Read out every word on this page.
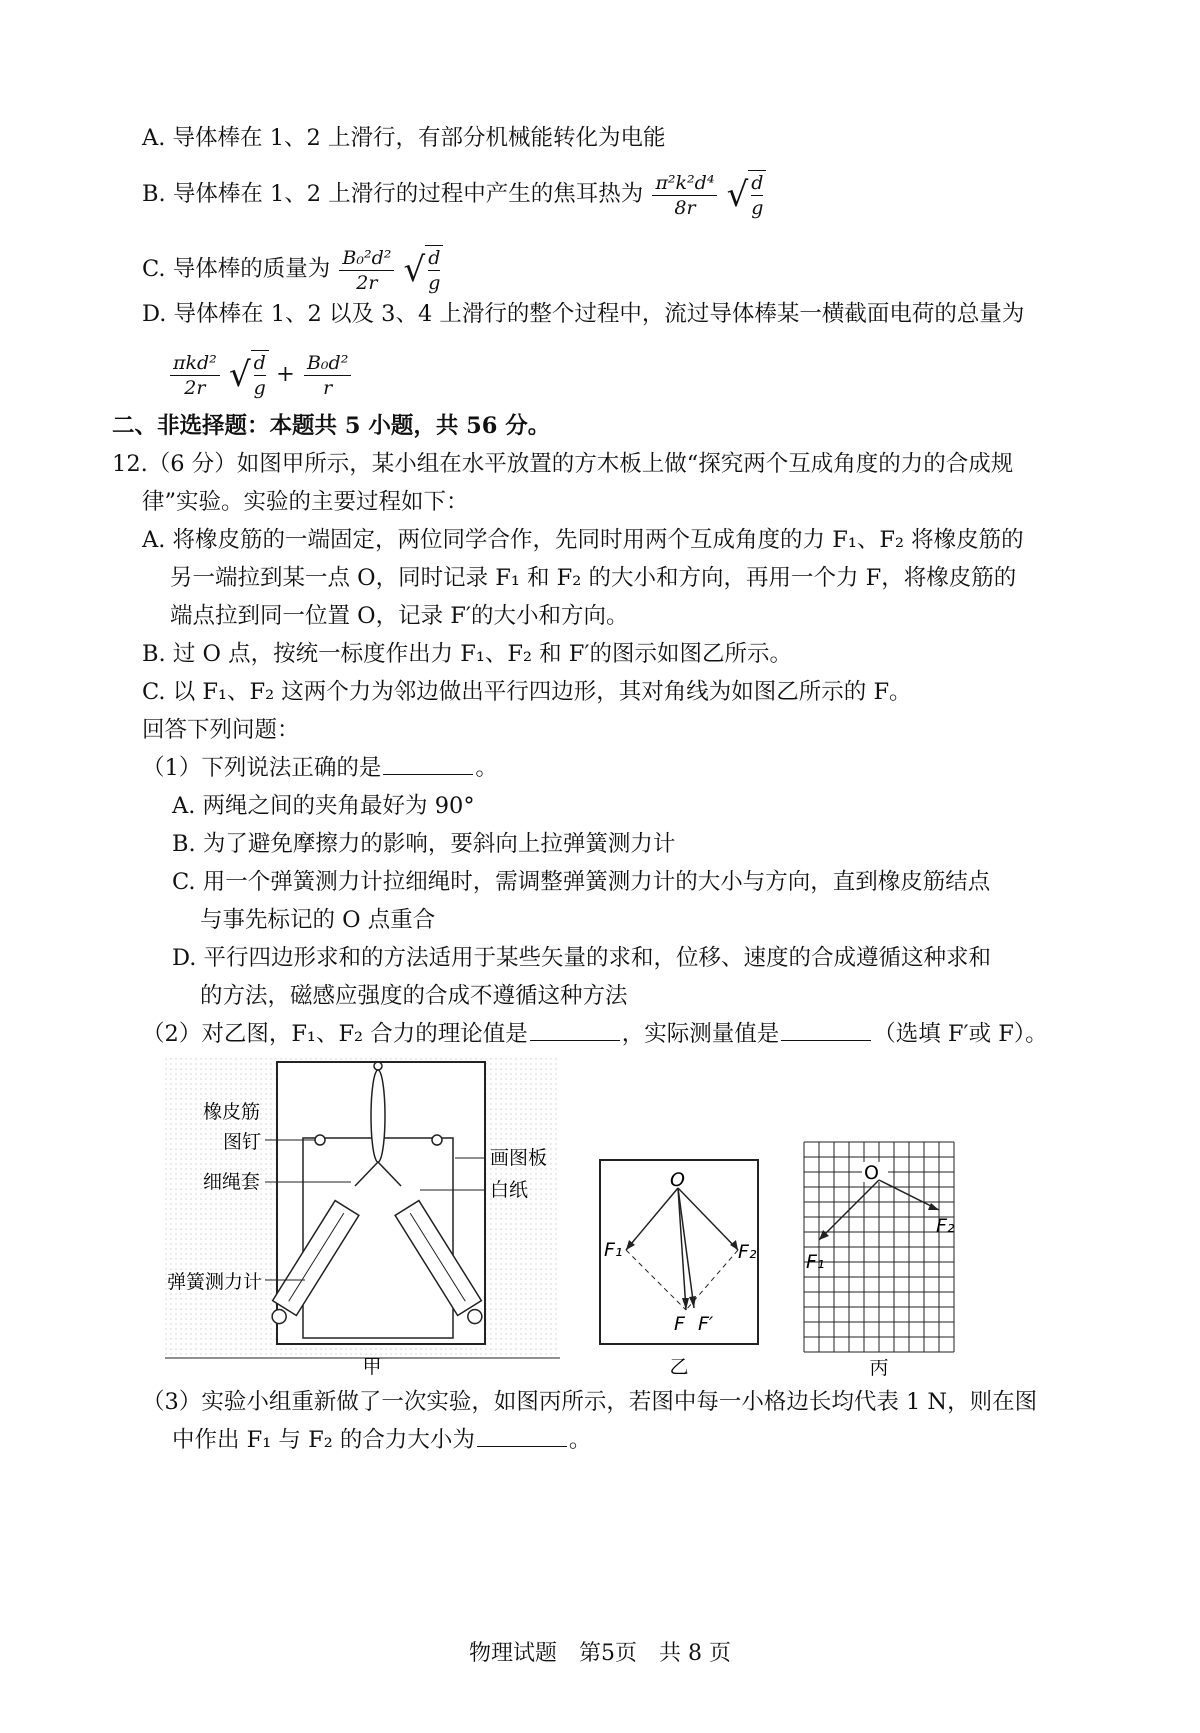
A. 导体棒在 1、2 上滑行，有部分机械能转化为电能
B. 导体棒在 1、2 上滑行的过程中产生的焦耳热为 $\frac{\text{π²k²d⁴}}{8r}$ √ $\frac{d}{g}$
C. 导体棒的质量为 $\frac{\text{B₀²d²}}{2r}$ √ $\frac{d}{g}$
D. 导体棒在 1、2 以及 3、4 上滑行的整个过程中，流过导体棒某一横截面电荷的总量为
$\frac{\text{πkd²}}{2r}$ √ $\frac{d}{g} + \frac{\text{B₀d²}}{r}$
二、非选择题：本题共 5 小题，共 56 分。
12.（6 分）如图甲所示，某小组在水平放置的方木板上做“探究两个互成角度的力的合成规
律”实验。实验的主要过程如下：
A. 将橡皮筋的一端固定，两位同学合作，先同时用两个互成角度的力 F₁、F₂ 将橡皮筋的
另一端拉到某一点 O，同时记录 F₁ 和 F₂ 的大小和方向，再用一个力 F，将橡皮筋的
端点拉到同一位置 O，记录 F′的大小和方向。
B. 过 O 点，按统一标度作出力 F₁、F₂ 和 F′的图示如图乙所示。
C. 以 F₁、F₂ 这两个力为邻边做出平行四边形，其对角线为如图乙所示的 F。
回答下列问题：
（1）下列说法正确的是	。
A. 两绳之间的夹角最好为 90°
B. 为了避免摩擦力的影响，要斜向上拉弹簧测力计
C. 用一个弹簧测力计拉细绳时，需调整弹簧测力计的大小与方向，直到橡皮筋结点
与事先标记的 O 点重合
D. 平行四边形求和的方法适用于某些矢量的求和，位移、速度的合成遵循这种求和
的方法，磁感应强度的合成不遵循这种方法
（2）对乙图，F₁、F₂ 合力的理论值是	，实际测量值是	（选填 F′或 F）。
橡皮筋
图钉
细绳套
弹簧测力计
画图板
白纸
甲
O
F₁	F₂
F F′
乙
O
F₁
F₂
丙
（3）实验小组重新做了一次实验，如图丙所示，若图中每一小格边长均代表 1 N，则在图
中作出 F₁ 与 F₂ 的合力大小为	。
物理试题　第5页　共 8 页
